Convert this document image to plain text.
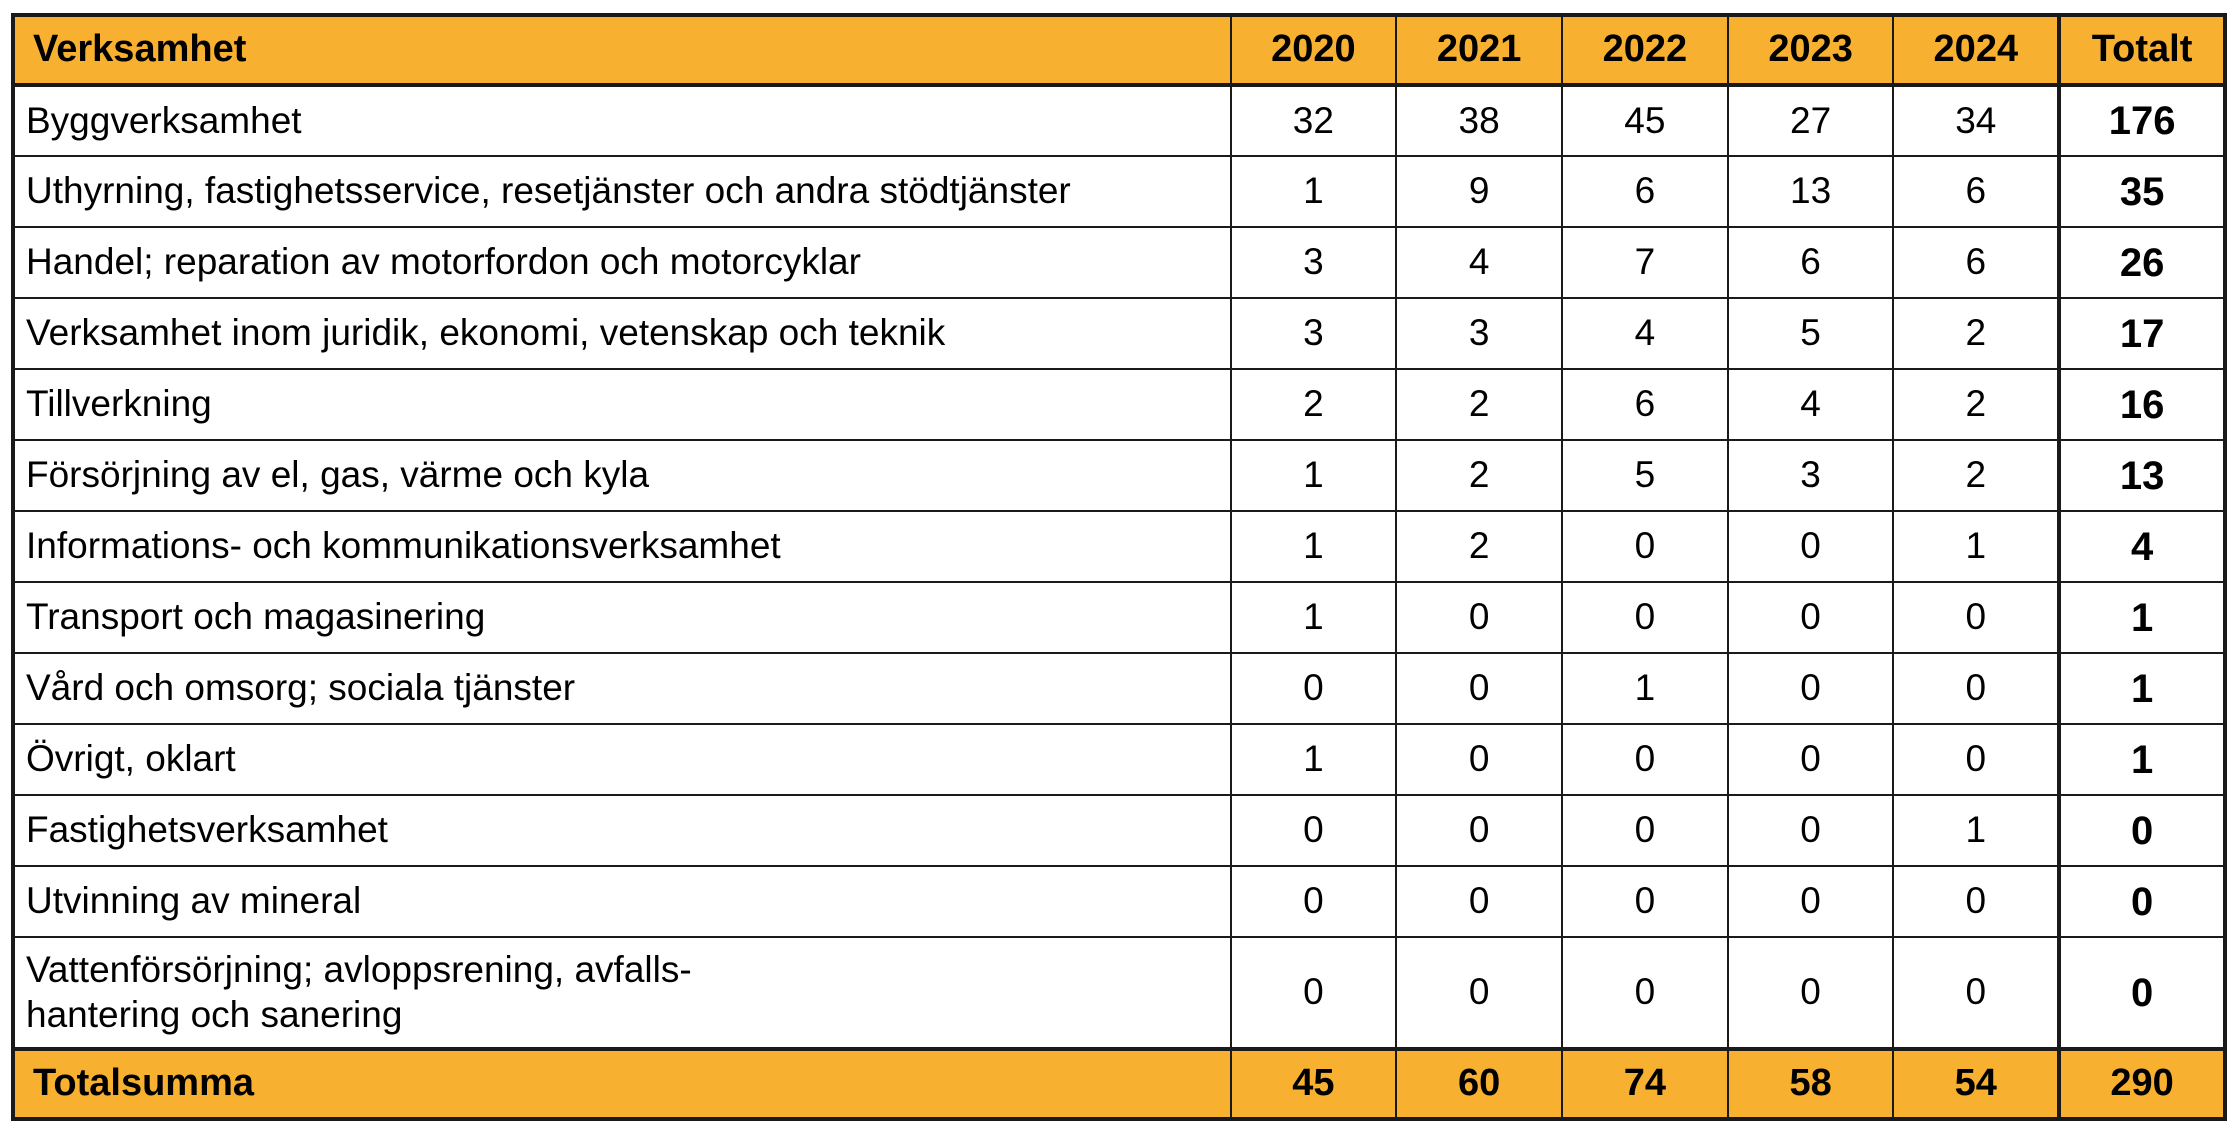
Verksamhet	2020	2021	2022	2023	2024	Totalt
Byggverksamhet	32	38	45	27	34	176
Uthyrning, fastighetsservice, resetjänster och andra stödtjänster	1	9	6	13	6	35
Handel; reparation av motorfordon och motorcyklar	3	4	7	6	6	26
Verksamhet inom juridik, ekonomi, vetenskap och teknik	3	3	4	5	2	17
Tillverkning	2	2	6	4	2	16
Försörjning av el, gas, värme och kyla	1	2	5	3	2	13
Informations- och kommunikationsverksamhet	1	2	0	0	1	4
Transport och magasinering	1	0	0	0	0	1
Vård och omsorg; sociala tjänster	0	0	1	0	0	1
Övrigt, oklart	1	0	0	0	0	1
Fastighetsverksamhet	0	0	0	0	1	0
Utvinning av mineral	0	0	0	0	0	0

Vattenförsörjning; avloppsrening, avfalls-
hantering och sanering	0	0	0	0	0	0
Totalsumma	45	60	74	58	54	290
